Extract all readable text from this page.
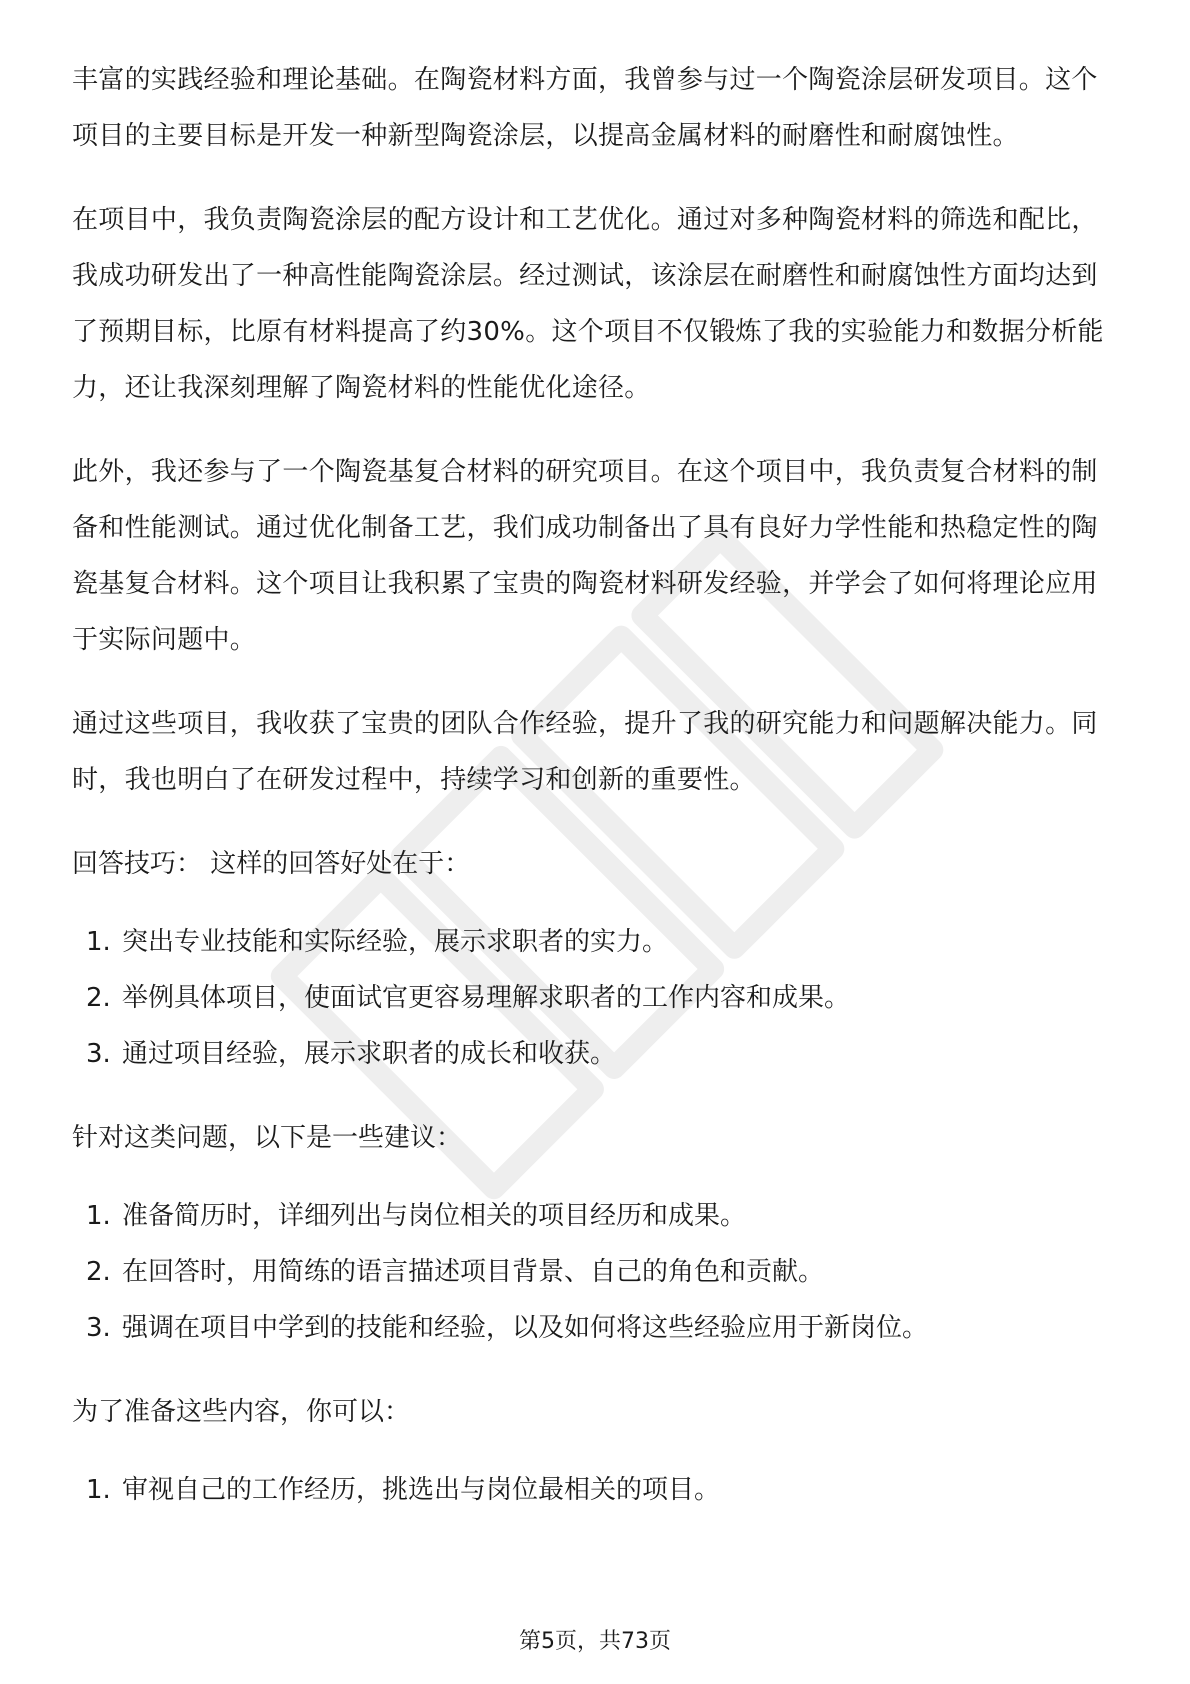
丰富的实践经验和理论基础。在陶瓷材料方面，我曾参与过一个陶瓷涂层研发项目。这个项目的主要目标是开发一种新型陶瓷涂层，以提高金属材料的耐磨性和耐腐蚀性。

在项目中，我负责陶瓷涂层的配方设计和工艺优化。通过对多种陶瓷材料的筛选和配比，我成功研发出了一种高性能陶瓷涂层。经过测试，该涂层在耐磨性和耐腐蚀性方面均达到了预期目标，比原有材料提高了约30%。这个项目不仅锻炼了我的实验能力和数据分析能力，还让我深刻理解了陶瓷材料的性能优化途径。

此外，我还参与了一个陶瓷基复合材料的研究项目。在这个项目中，我负责复合材料的制备和性能测试。通过优化制备工艺，我们成功制备出了具有良好力学性能和热稳定性的陶瓷基复合材料。这个项目让我积累了宝贵的陶瓷材料研发经验，并学会了如何将理论应用于实际问题中。

通过这些项目，我收获了宝贵的团队合作经验，提升了我的研究能力和问题解决能力。同时，我也明白了在研发过程中，持续学习和创新的重要性。

回答技巧： 这样的回答好处在于：

1. 突出专业技能和实际经验，展示求职者的实力。
2. 举例具体项目，使面试官更容易理解求职者的工作内容和成果。
3. 通过项目经验，展示求职者的成长和收获。

针对这类问题，以下是一些建议：

1. 准备简历时，详细列出与岗位相关的项目经历和成果。
2. 在回答时，用简练的语言描述项目背景、自己的角色和贡献。
3. 强调在项目中学到的技能和经验，以及如何将这些经验应用于新岗位。

为了准备这些内容，你可以：

1. 审视自己的工作经历，挑选出与岗位最相关的项目。
第5页，共73页
